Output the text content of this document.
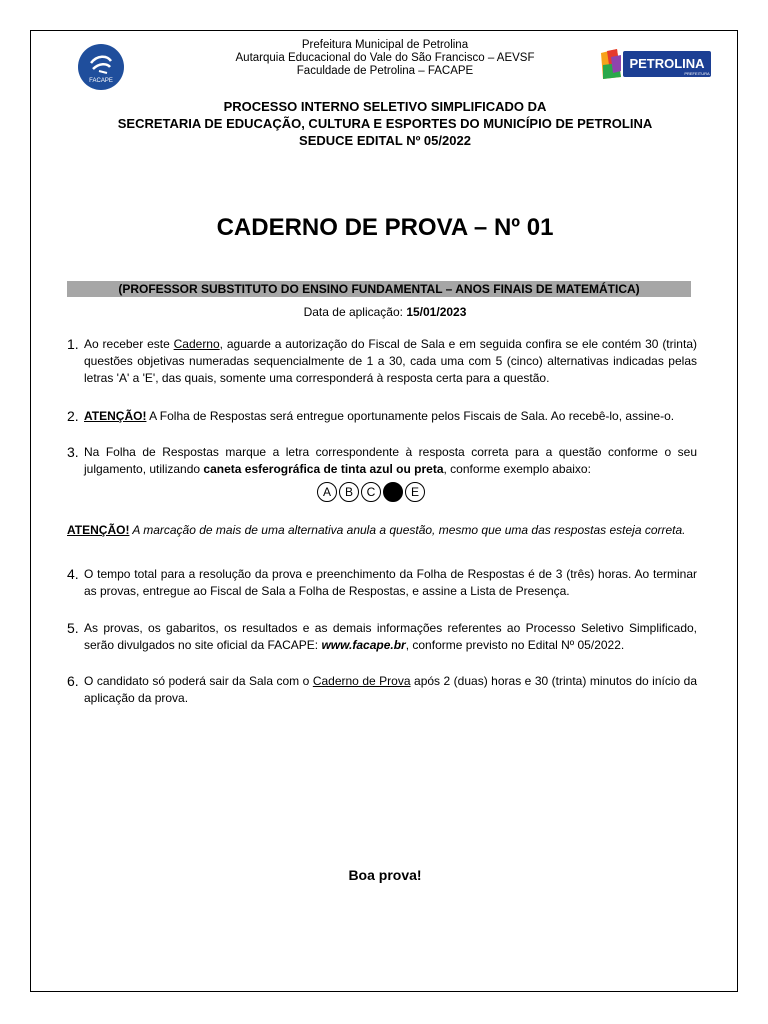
FACAPE
PETROLINA
PREFEITURA
Prefeitura Municipal de Petrolina
Autarquia Educacional do Vale do São Francisco – AEVSF
Faculdade de Petrolina – FACAPE
PROCESSO INTERNO SELETIVO SIMPLIFICADO DA
SECRETARIA DE EDUCAÇÃO, CULTURA E ESPORTES DO MUNICÍPIO DE PETROLINA
SEDUCE EDITAL Nº 05/2022
CADERNO DE PROVA – Nº 01
(PROFESSOR SUBSTITUTO DO ENSINO FUNDAMENTAL – ANOS FINAIS DE MATEMÁTICA)
Data de aplicação: 15/01/2023
1. Ao receber este Caderno, aguarde a autorização do Fiscal de Sala e em seguida confira se ele contém 30 (trinta) questões objetivas numeradas sequencialmente de 1 a 30, cada uma com 5 (cinco) alternativas indicadas pelas letras 'A' a 'E', das quais, somente uma corresponderá à resposta certa para a questão.
2. ATENÇÃO! A Folha de Respostas será entregue oportunamente pelos Fiscais de Sala. Ao recebê-lo, assine-o.
3. Na Folha de Respostas marque a letra correspondente à resposta correta para a questão conforme o seu julgamento, utilizando caneta esferográfica de tinta azul ou preta, conforme exemplo abaixo:
A	B	C	D	E
ATENÇÃO! A marcação de mais de uma alternativa anula a questão, mesmo que uma das respostas esteja correta.
4. O tempo total para a resolução da prova e preenchimento da Folha de Respostas é de 3 (três) horas. Ao terminar as provas, entregue ao Fiscal de Sala a Folha de Respostas, e assine a Lista de Presença.
5. As provas, os gabaritos, os resultados e as demais informações referentes ao Processo Seletivo Simplificado, serão divulgados no site oficial da FACAPE: www.facape.br, conforme previsto no Edital Nº 05/2022.
6. O candidato só poderá sair da Sala com o Caderno de Prova após 2 (duas) horas e 30 (trinta) minutos do início da aplicação da prova.
Boa prova!
